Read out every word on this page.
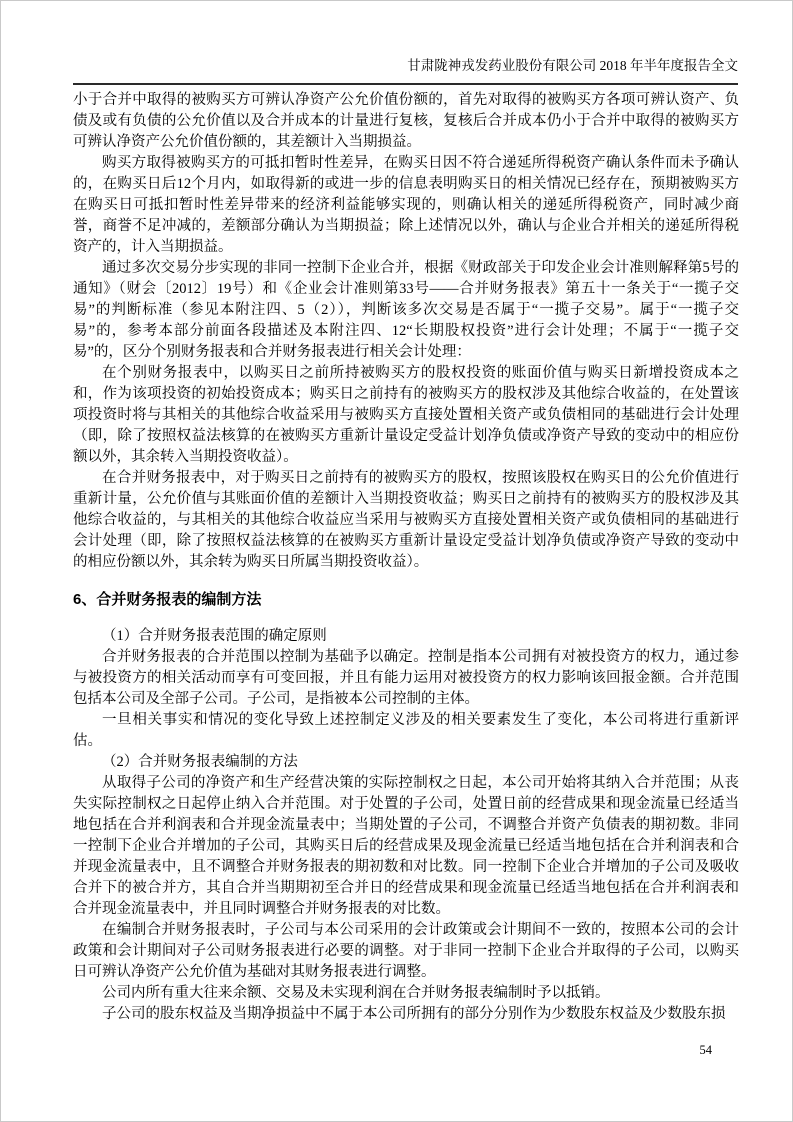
甘肃陇神戎发药业股份有限公司 2018 年半年度报告全文

小于合并中取得的被购买方可辨认净资产公允价值份额的，首先对取得的被购买方各项可辨认资产、负债及或有负债的公允价值以及合并成本的计量进行复核，复核后合并成本仍小于合并中取得的被购买方可辨认净资产公允价值份额的，其差额计入当期损益。

购买方取得被购买方的可抵扣暂时性差异，在购买日因不符合递延所得税资产确认条件而未予确认的，在购买日后12个月内，如取得新的或进一步的信息表明购买日的相关情况已经存在，预期被购买方在购买日可抵扣暂时性差异带来的经济利益能够实现的，则确认相关的递延所得税资产，同时减少商誉，商誉不足冲减的，差额部分确认为当期损益；除上述情况以外，确认与企业合并相关的递延所得税资产的，计入当期损益。

通过多次交易分步实现的非同一控制下企业合并，根据《财政部关于印发企业会计准则解释第5号的通知》（财会〔2012〕19号）和《企业会计准则第33号——合并财务报表》第五十一条关于“一揽子交易”的判断标准（参见本附注四、5（2）），判断该多次交易是否属于“一揽子交易”。属于“一揽子交易”的，参考本部分前面各段描述及本附注四、12“长期股权投资”进行会计处理；不属于“一揽子交易”的，区分个别财务报表和合并财务报表进行相关会计处理：

在个别财务报表中，以购买日之前所持被购买方的股权投资的账面价值与购买日新增投资成本之和，作为该项投资的初始投资成本；购买日之前持有的被购买方的股权涉及其他综合收益的，在处置该项投资时将与其相关的其他综合收益采用与被购买方直接处置相关资产或负债相同的基础进行会计处理（即，除了按照权益法核算的在被购买方重新计量设定受益计划净负债或净资产导致的变动中的相应份额以外，其余转入当期投资收益）。

在合并财务报表中，对于购买日之前持有的被购买方的股权，按照该股权在购买日的公允价值进行重新计量，公允价值与其账面价值的差额计入当期投资收益；购买日之前持有的被购买方的股权涉及其他综合收益的，与其相关的其他综合收益应当采用与被购买方直接处置相关资产或负债相同的基础进行会计处理（即，除了按照权益法核算的在被购买方重新计量设定受益计划净负债或净资产导致的变动中的相应份额以外，其余转为购买日所属当期投资收益）。

6、合并财务报表的编制方法

（1）合并财务报表范围的确定原则

合并财务报表的合并范围以控制为基础予以确定。控制是指本公司拥有对被投资方的权力，通过参与被投资方的相关活动而享有可变回报，并且有能力运用对被投资方的权力影响该回报金额。合并范围包括本公司及全部子公司。子公司，是指被本公司控制的主体。

一旦相关事实和情况的变化导致上述控制定义涉及的相关要素发生了变化，本公司将进行重新评估。

（2）合并财务报表编制的方法

从取得子公司的净资产和生产经营决策的实际控制权之日起，本公司开始将其纳入合并范围；从丧失实际控制权之日起停止纳入合并范围。对于处置的子公司，处置日前的经营成果和现金流量已经适当地包括在合并利润表和合并现金流量表中；当期处置的子公司，不调整合并资产负债表的期初数。非同一控制下企业合并增加的子公司，其购买日后的经营成果及现金流量已经适当地包括在合并利润表和合并现金流量表中，且不调整合并财务报表的期初数和对比数。同一控制下企业合并增加的子公司及吸收合并下的被合并方，其自合并当期期初至合并日的经营成果和现金流量已经适当地包括在合并利润表和合并现金流量表中，并且同时调整合并财务报表的对比数。

在编制合并财务报表时，子公司与本公司采用的会计政策或会计期间不一致的，按照本公司的会计政策和会计期间对子公司财务报表进行必要的调整。对于非同一控制下企业合并取得的子公司，以购买日可辨认净资产公允价值为基础对其财务报表进行调整。

公司内所有重大往来余额、交易及未实现利润在合并财务报表编制时予以抵销。

子公司的股东权益及当期净损益中不属于本公司所拥有的部分分别作为少数股东权益及少数股东损

54
